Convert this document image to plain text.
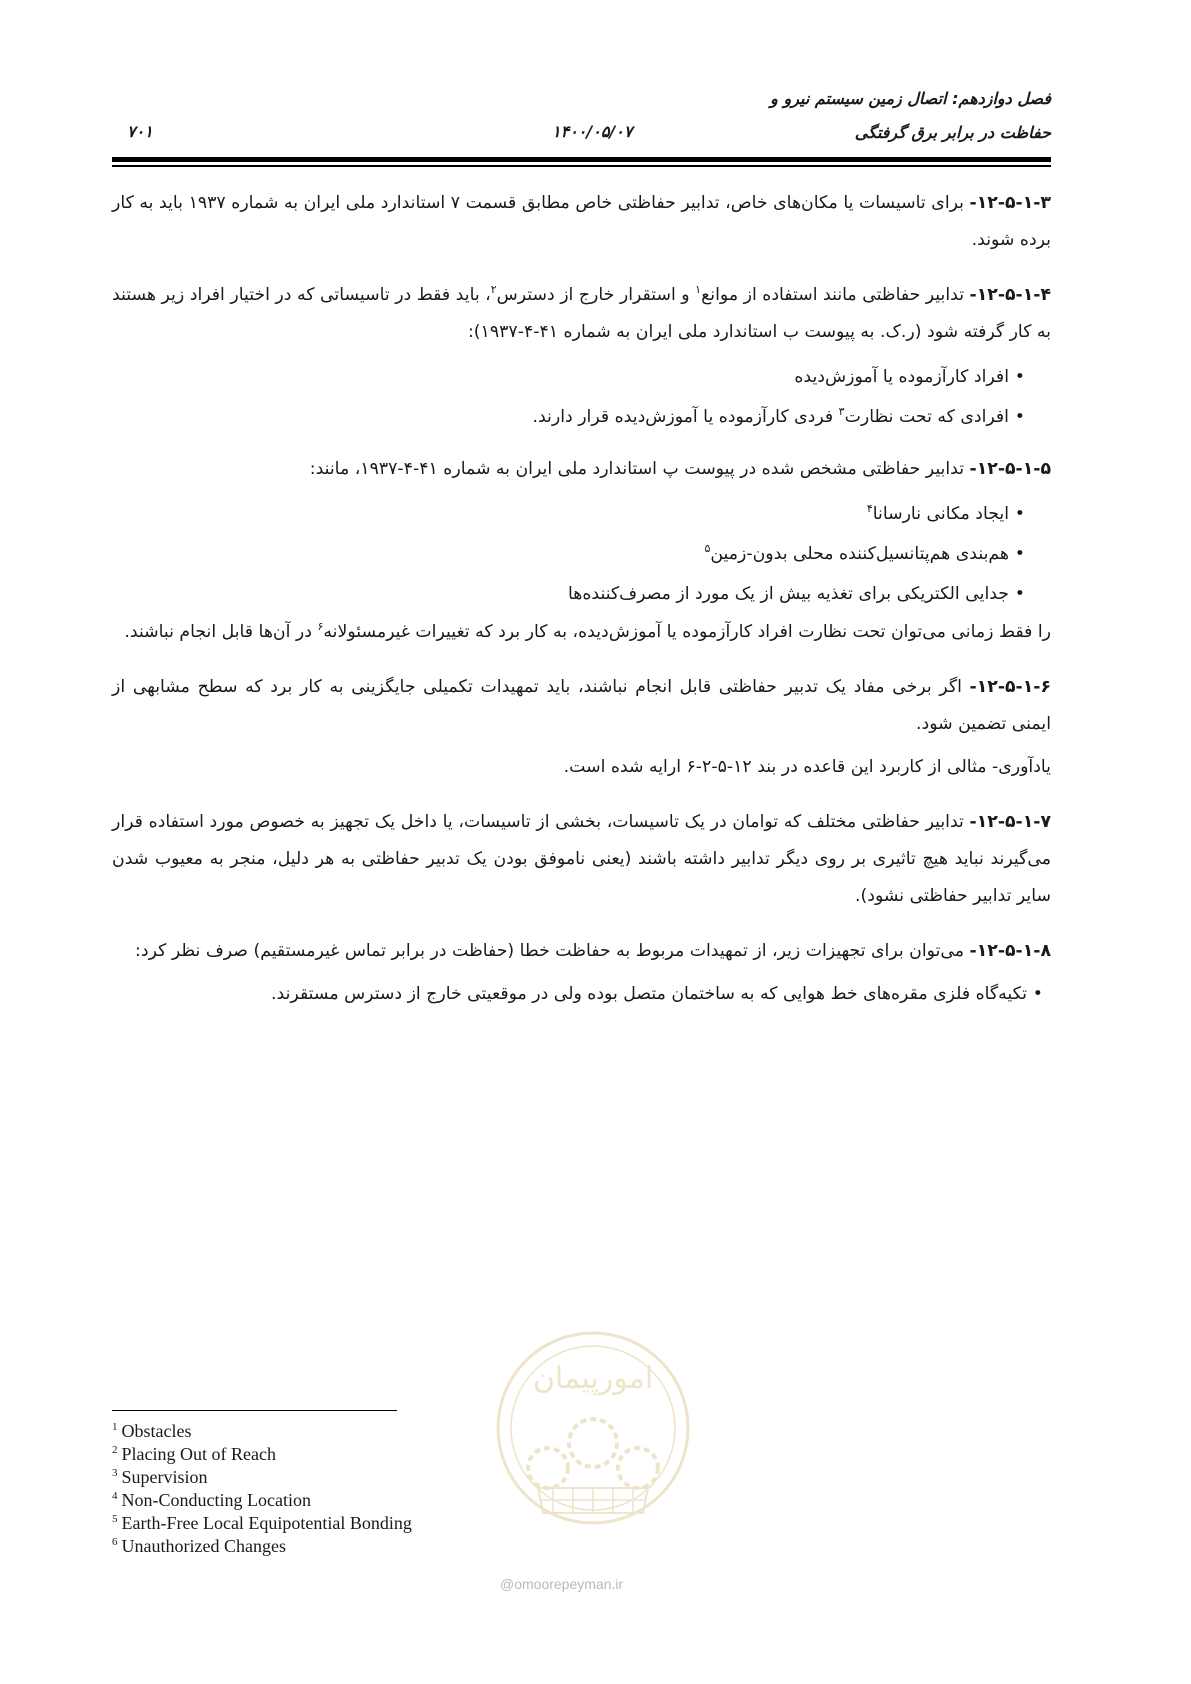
فصل دوازدهم: اتصال زمین سیستم نیرو و
حفاظت در برابر برق گرفتگی
۱۴۰۰/۰۵/۰۷
۷۰۱

۱۲-۵-۱-۳- برای تاسیسات یا مکان‌های خاص، تدابیر حفاظتی خاص مطابق قسمت ۷ استاندارد ملی ایران به شماره ۱۹۳۷ باید به کار برده شوند.

۱۲-۵-۱-۴- تدابیر حفاظتی مانند استفاده از موانع$^۱$ و استقرار خارج از دسترس$^۲$، باید فقط در تاسیساتی که در اختیار افراد زیر هستند به کار گرفته شود (ر.ک. به پیوست ب استاندارد ملی ایران به شماره ۴۱-۴-۱۹۳۷):

• افراد کارآزموده یا آموزش‌دیده
• افرادی که تحت نظارت$^۳$ فردی کارآزموده یا آموزش‌دیده قرار دارند.

۱۲-۵-۱-۵- تدابیر حفاظتی مشخص شده در پیوست پ استاندارد ملی ایران به شماره ۴۱-۴-۱۹۳۷، مانند:

• ایجاد مکانی نارسانا$^۴$
• هم‌بندی هم‌پتانسیل‌کننده محلی بدون-زمین$^۵$
• جدایی الکتریکی برای تغذیه بیش از یک مورد از مصرف‌کننده‌ها

را فقط زمانی می‌توان تحت نظارت افراد کارآزموده یا آموزش‌دیده، به کار برد که تغییرات غیرمسئولانه$^۶$ در آن‌ها قابل انجام نباشند.

۱۲-۵-۱-۶- اگر برخی مفاد یک تدبیر حفاظتی قابل انجام نباشند، باید تمهیدات تکمیلی جایگزینی به کار برد که سطح مشابهی از ایمنی تضمین شود.

یادآوری- مثالی از کاربرد این قاعده در بند ۱۲-۵-۲-۶ ارایه شده است.

۱۲-۵-۱-۷- تدابیر حفاظتی مختلف که توامان در یک تاسیسات، بخشی از تاسیسات، یا داخل یک تجهیز به خصوص مورد استفاده قرار می‌گیرند نباید هیچ تاثیری بر روی دیگر تدابیر داشته باشند (یعنی ناموفق بودن یک تدبیر حفاظتی به هر دلیل، منجر به معیوب شدن سایر تدابیر حفاظتی نشود).

۱۲-۵-۱-۸- می‌توان برای تجهیزات زیر، از تمهیدات مربوط به حفاظت خطا (حفاظت در برابر تماس غیرمستقیم) صرف نظر کرد:

• تکیه‌گاه فلزی مقره‌های خط هوایی که به ساختمان متصل بوده ولی در موقعیتی خارج از دسترس مستقرند.
امورپیمان
@omoorepeyman.ir
$^1$ Obstacles
$^2$ Placing Out of Reach
$^3$ Supervision
$^4$ Non-Conducting Location
$^5$ Earth-Free Local Equipotential Bonding
$^6$ Unauthorized Changes
